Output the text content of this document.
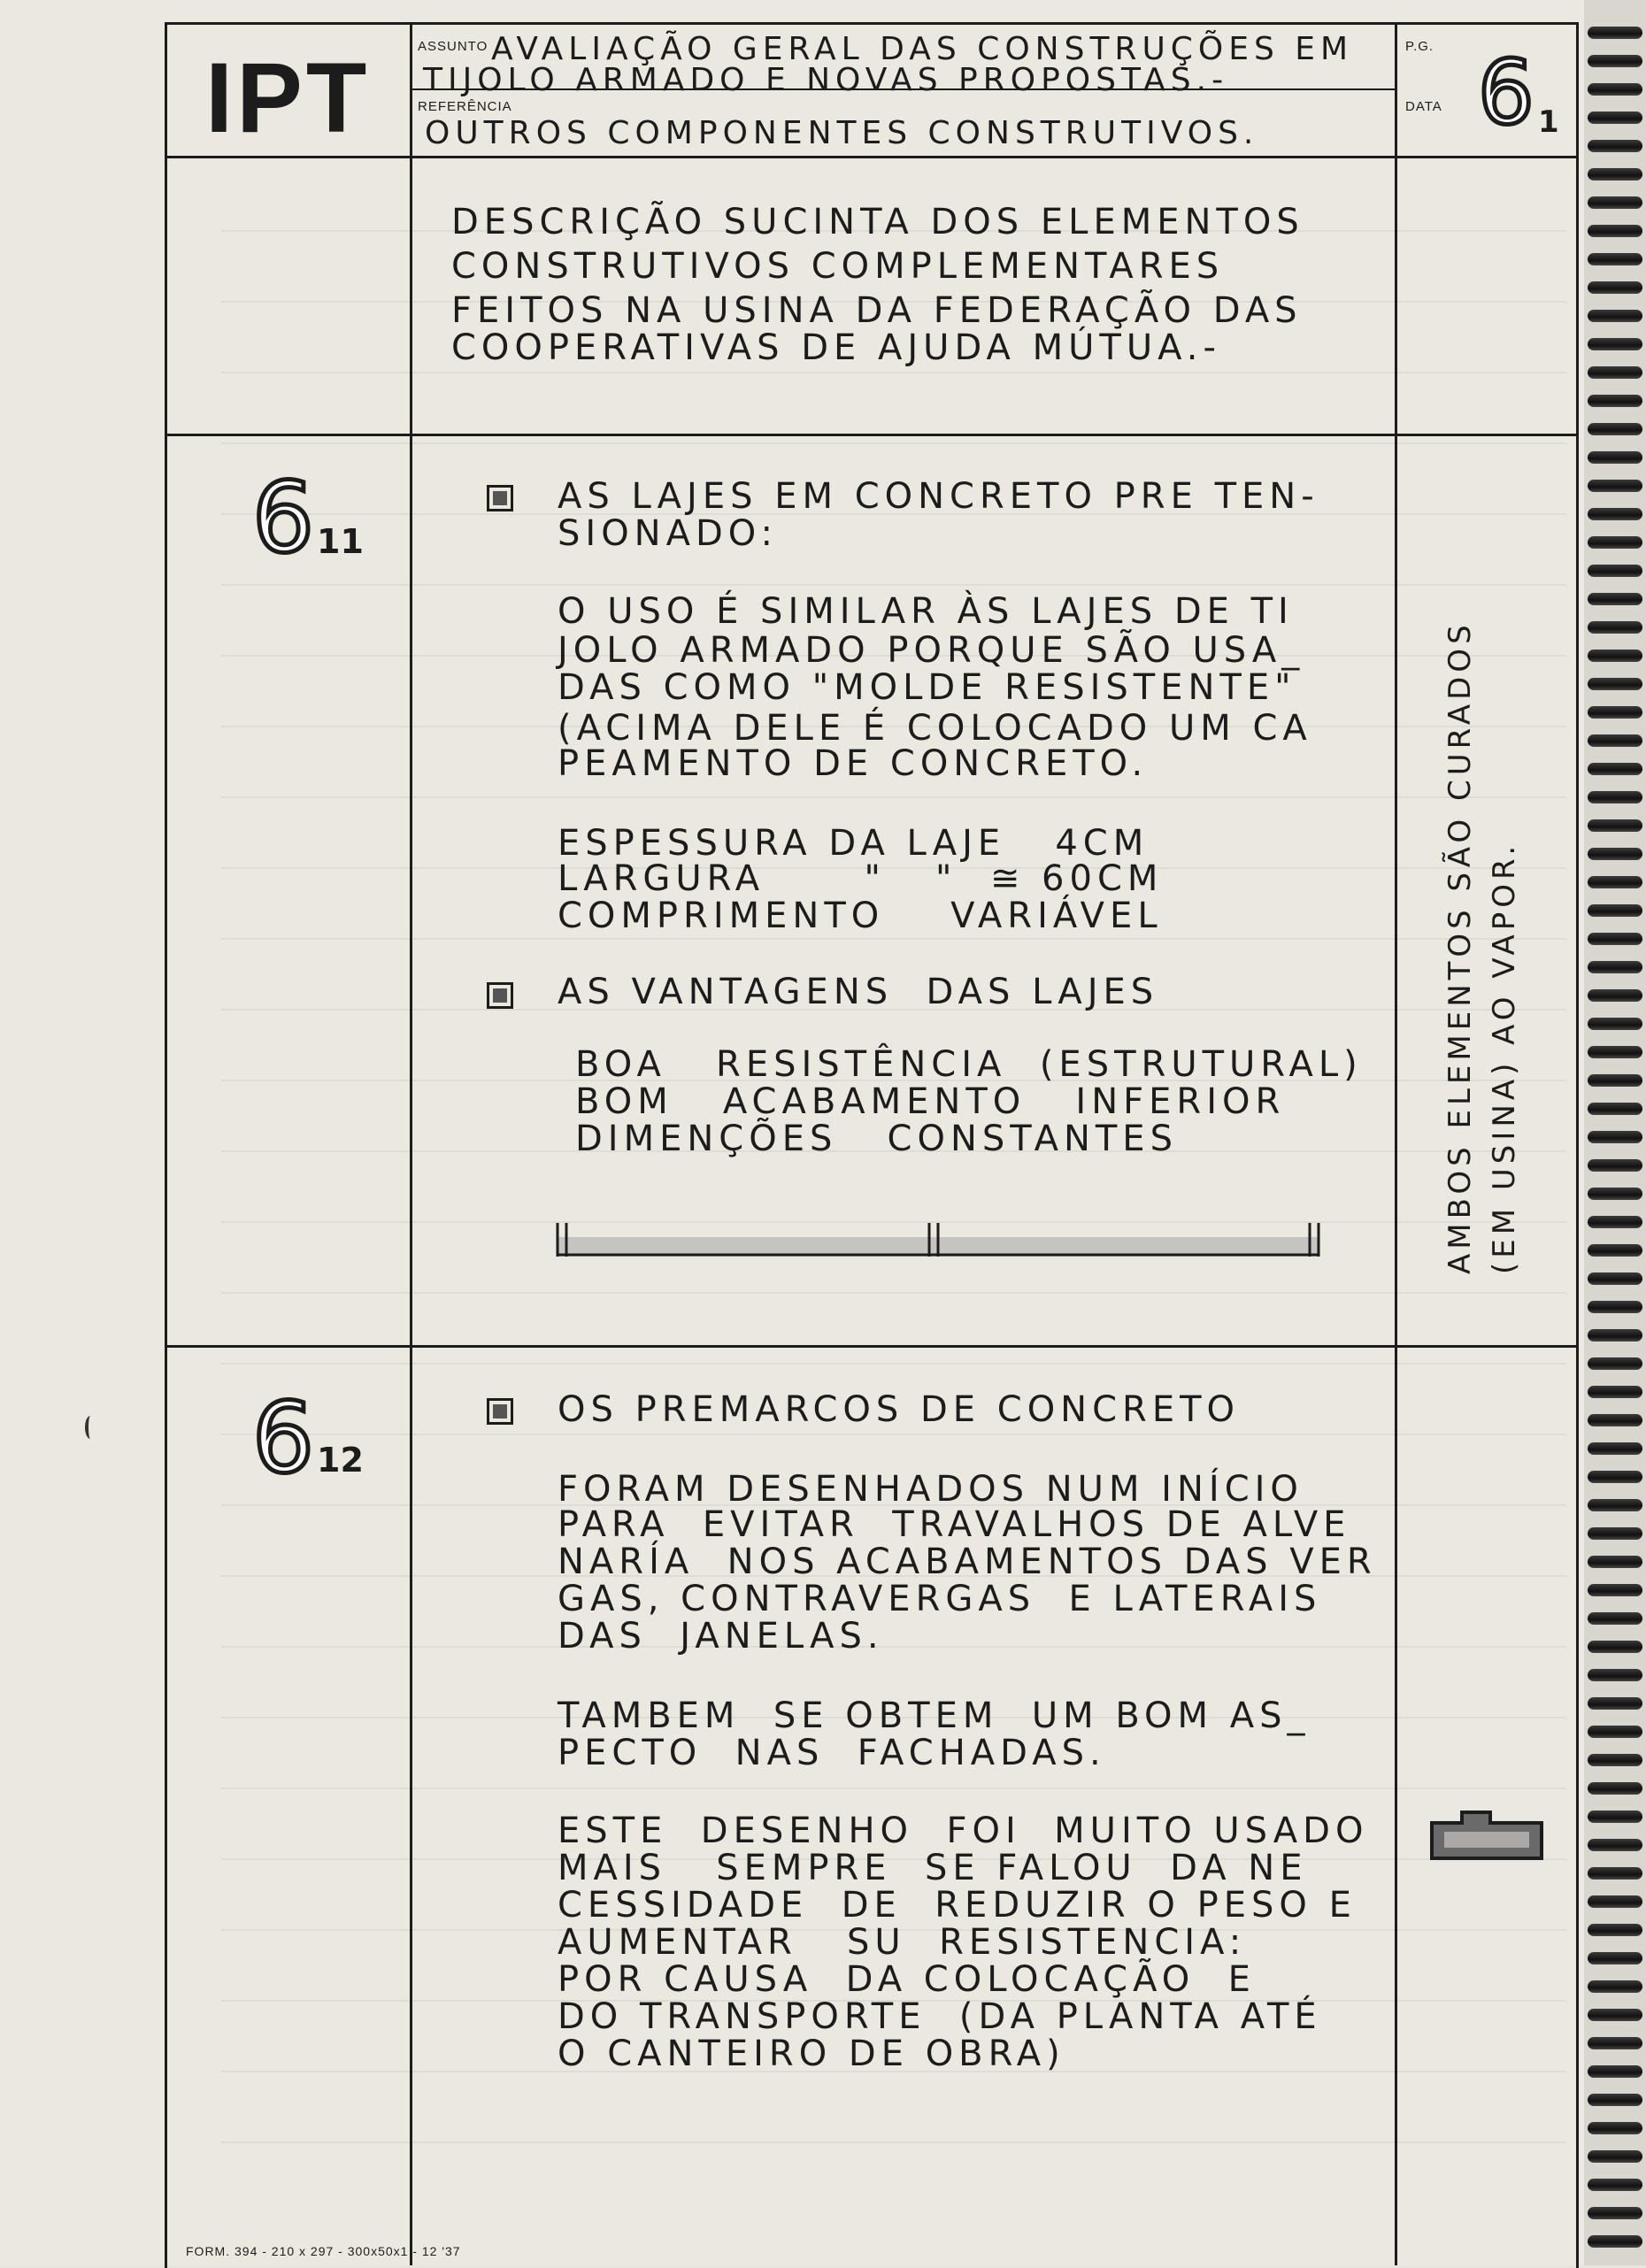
IPT	ASSUNTO AVALIAÇÃO GERAL DAS CONSTRUÇÕES EM
TIJOLO ARMADO E NOVAS PROPOSTAS.-
REFERÊNCIA
OUTROS COMPONENTES CONSTRUTIVOS.
P.G.
DATA 6 1
DESCRIÇÃO SUCINTA DOS ELEMENTOS
CONSTRUTIVOS COMPLEMENTARES
FEITOS NA USINA DA FEDERAÇÃO DAS
COOPERATIVAS DE AJUDA MÚTUA.-
6 11
AS LAJES EM CONCRETO PRE TEN-
SIONADO:
O USO É SIMILAR ÀS LAJES DE TI
JOLO ARMADO PORQUE SÃO USA_
DAS COMO "MOLDE RESISTENTE"
(ACIMA DELE É COLOCADO UM CA
PEAMENTO DE CONCRETO.
ESPESSURA DA LAJE   4CM
LARGURA      "   "  ≅ 60CM
COMPRIMENTO    VARIÁVEL
AS VANTAGENS  DAS LAJES
BOA   RESISTÊNCIA  (ESTRUTURAL)
BOM   ACABAMENTO   INFERIOR
DIMENÇÕES   CONSTANTES	AMBOS ELEMENTOS SÃO CURADOS (EM USINA) AO VAPOR.
6 12
OS PREMARCOS DE CONCRETO
FORAM DESENHADOS NUM INÍCIO
PARA  EVITAR  TRAVALHOS DE ALVE
NARÍA  NOS ACABAMENTOS DAS VER
GAS, CONTRAVERGAS  E LATERAIS
DAS  JANELAS.
TAMBEM  SE OBTEM  UM BOM AS_
PECTO  NAS  FACHADAS.
ESTE  DESENHO  FOI  MUITO USADO
MAIS   SEMPRE  SE FALOU  DA NE
CESSIDADE  DE  REDUZIR O PESO E
AUMENTAR   SU  RESISTENCIA:
POR CAUSA  DA COLOCAÇÃO  E
DO TRANSPORTE  (DA PLANTA ATÉ
O CANTEIRO DE OBRA)
FORM. 394 - 210 x 297 - 300x50x1 - 12 '37
